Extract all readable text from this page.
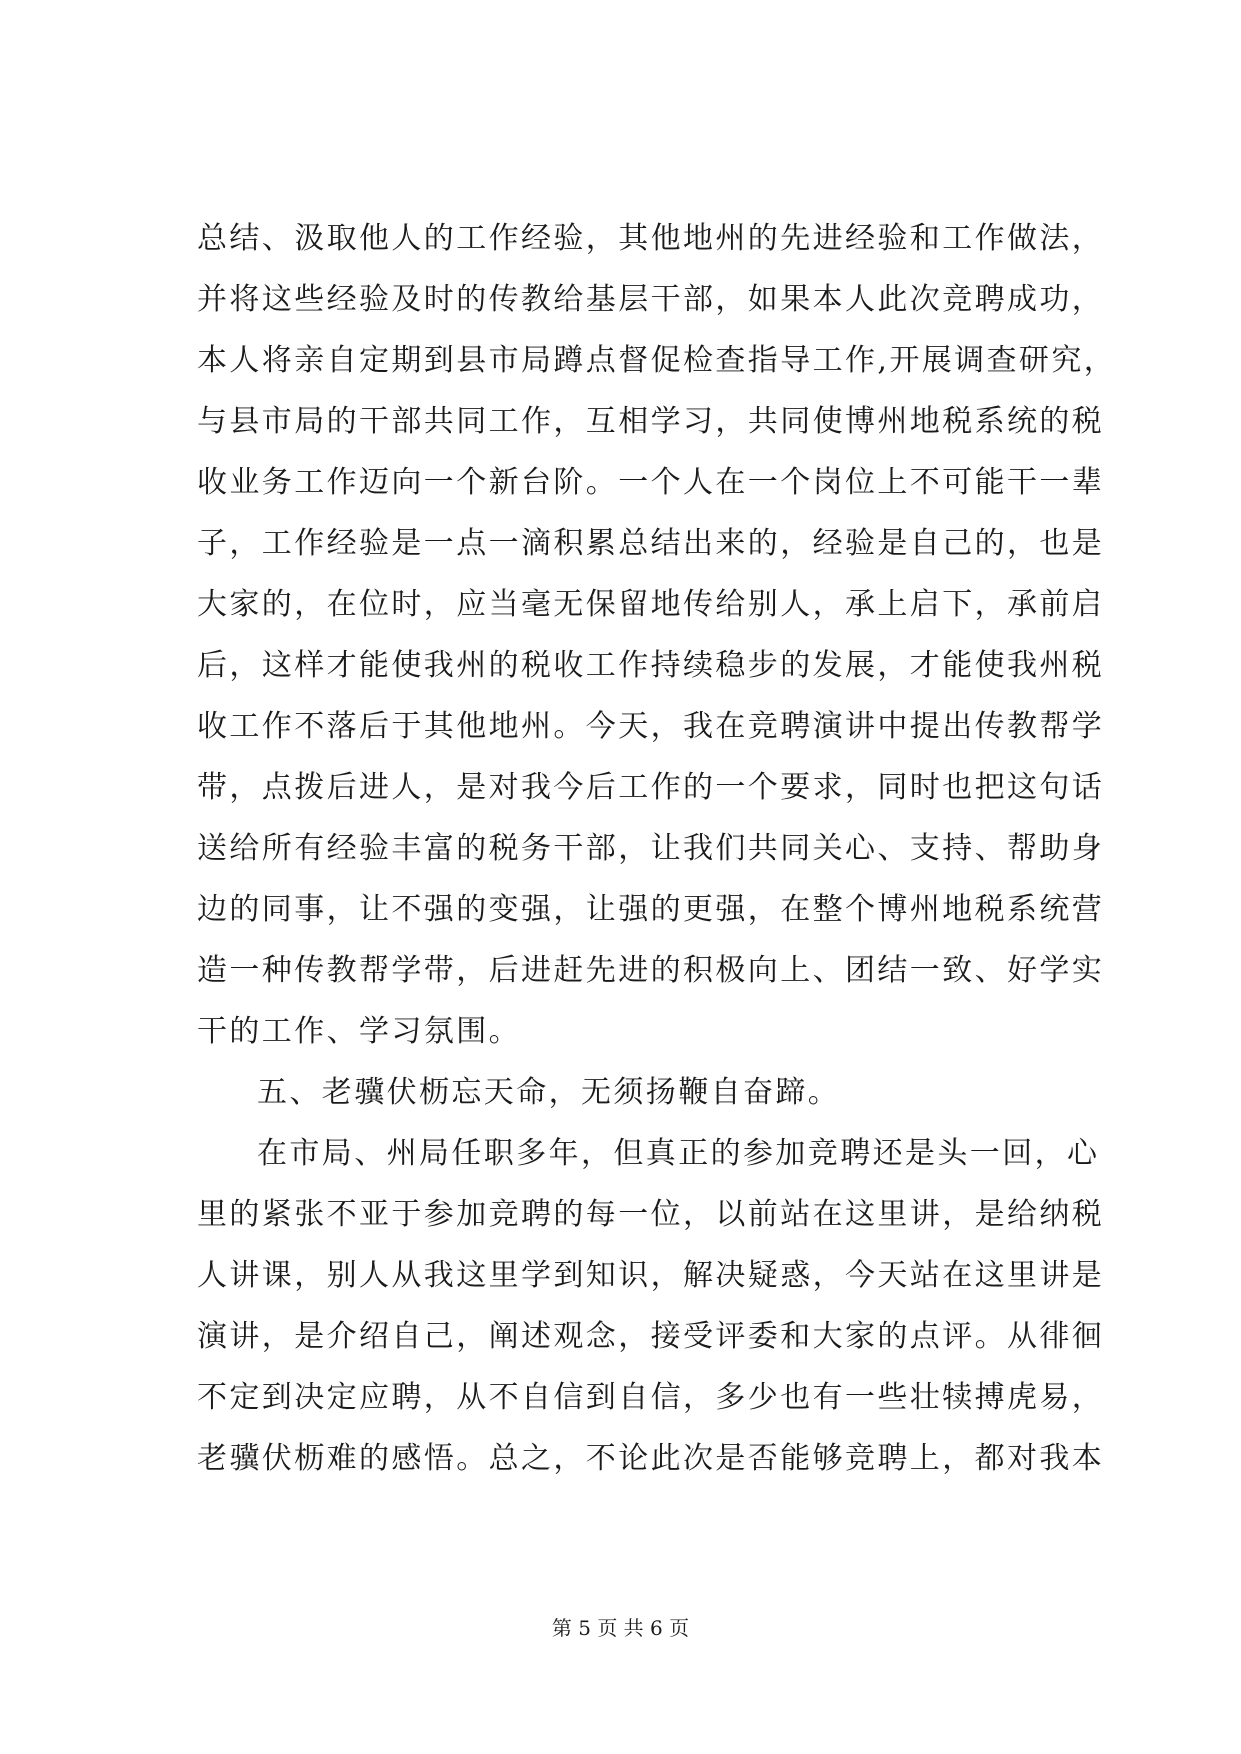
总结、汲取他人的工作经验，其他地州的先进经验和工作做法，
并将这些经验及时的传教给基层干部，如果本人此次竞聘成功，
本人将亲自定期到县市局蹲点督促检查指导工作,开展调查研究，
与县市局的干部共同工作，互相学习，共同使博州地税系统的税
收业务工作迈向一个新台阶。一个人在一个岗位上不可能干一辈
子，工作经验是一点一滴积累总结出来的，经验是自己的，也是
大家的，在位时，应当毫无保留地传给别人，承上启下，承前启
后，这样才能使我州的税收工作持续稳步的发展，才能使我州税
收工作不落后于其他地州。今天，我在竞聘演讲中提出传教帮学
带，点拨后进人，是对我今后工作的一个要求，同时也把这句话
送给所有经验丰富的税务干部，让我们共同关心、支持、帮助身
边的同事，让不强的变强，让强的更强，在整个博州地税系统营
造一种传教帮学带，后进赶先进的积极向上、团结一致、好学实
干的工作、学习氛围。
五、老骥伏枥忘天命，无须扬鞭自奋蹄。
在市局、州局任职多年，但真正的参加竞聘还是头一回，心
里的紧张不亚于参加竞聘的每一位，以前站在这里讲，是给纳税
人讲课，别人从我这里学到知识，解决疑惑，今天站在这里讲是
演讲，是介绍自己，阐述观念，接受评委和大家的点评。从徘徊
不定到决定应聘，从不自信到自信，多少也有一些壮犊搏虎易，
老骥伏枥难的感悟。总之，不论此次是否能够竞聘上，都对我本
第 5 页 共 6 页
